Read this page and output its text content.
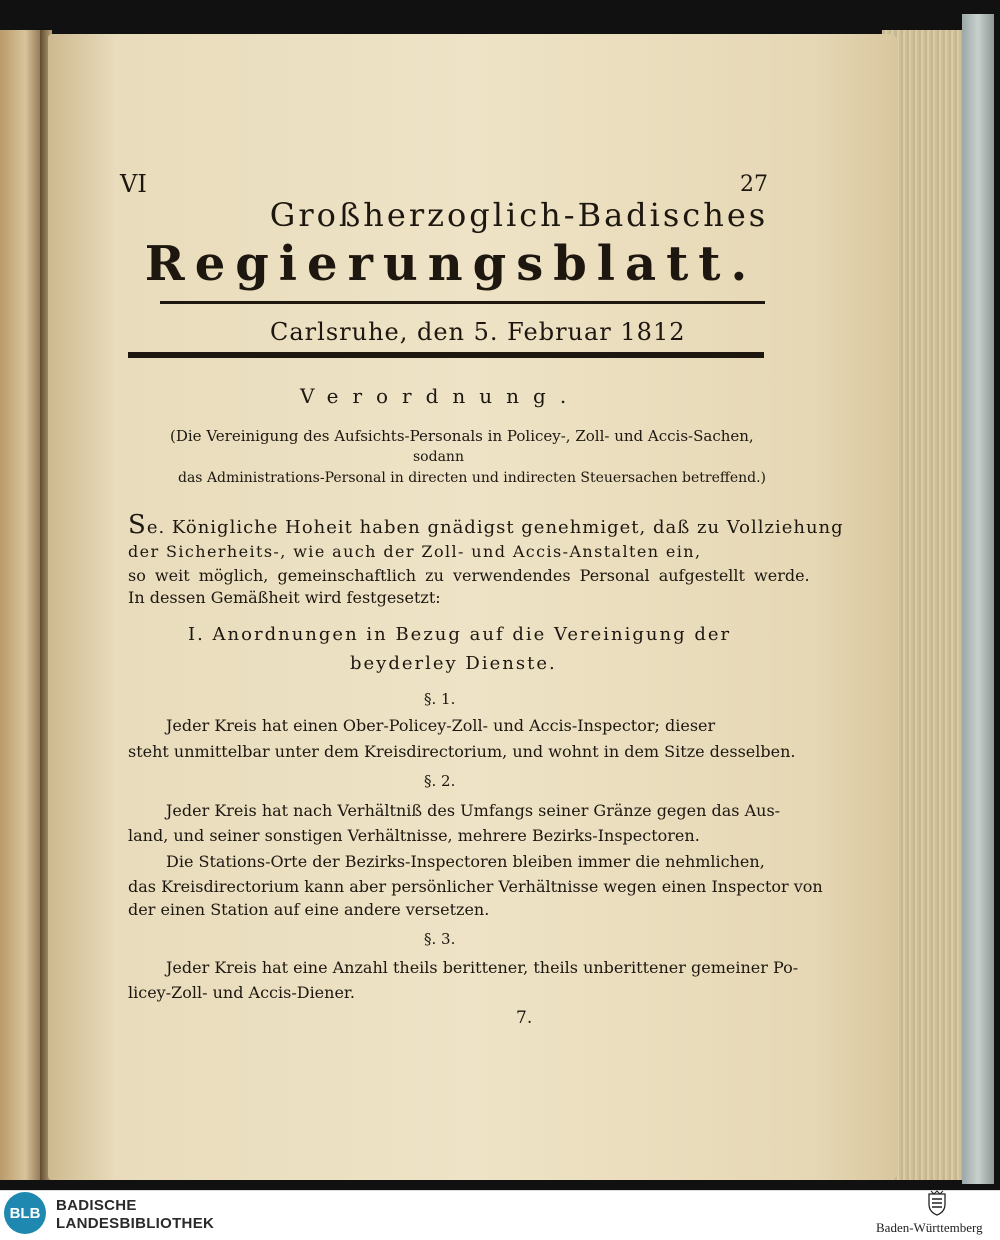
VI	27
Großherzoglich-Badisches
Regierungsblatt.
Carlsruhe, den 5. Februar 1812
Verordnung.
(Die Vereinigung des Aufsichts-Personals in Policey-, Zoll- und Accis-Sachen,
sodann
das Administrations-Personal in directen und indirecten Steuersachen betreffend.)
Se. Königliche Hoheit haben gnädigst genehmiget, daß zu Vollziehung
der Sicherheits-, wie auch der Zoll- und Accis-Anstalten ein,
so weit möglich, gemeinschaftlich zu verwendendes Personal aufgestellt werde.
In dessen Gemäßheit wird festgesetzt:
I. Anordnungen in Bezug auf die Vereinigung der
beyderley Dienste.
§. 1.
Jeder Kreis hat einen Ober-Policey-Zoll- und Accis-Inspector; dieser
steht unmittelbar unter dem Kreisdirectorium, und wohnt in dem Sitze desselben.
§. 2.
Jeder Kreis hat nach Verhältniß des Umfangs seiner Gränze gegen das Aus-
land, und seiner sonstigen Verhältnisse, mehrere Bezirks-Inspectoren.
Die Stations-Orte der Bezirks-Inspectoren bleiben immer die nehmlichen,
das Kreisdirectorium kann aber persönlicher Verhältnisse wegen einen Inspector von
der einen Station auf eine andere versetzen.
§. 3.
Jeder Kreis hat eine Anzahl theils berittener, theils unberittener gemeiner Po-
licey-Zoll- und Accis-Diener.
7.
BLB	BADISCHE
LANDESBIBLIOTHEK	Baden-Württemberg
